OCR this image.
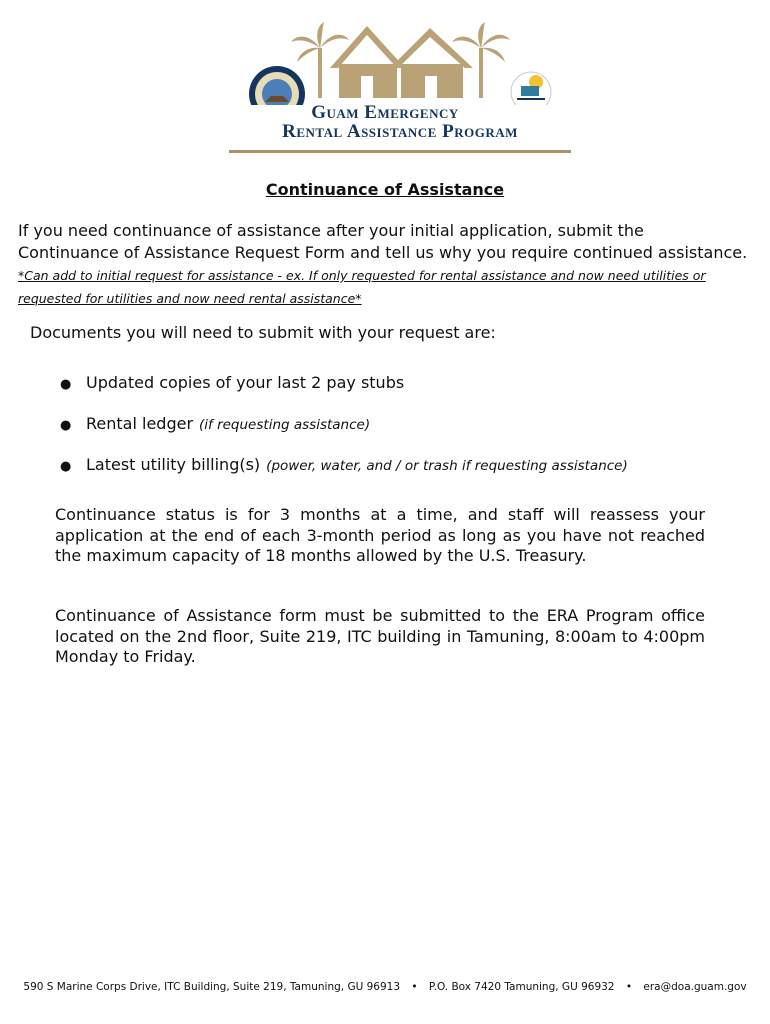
Guam Emergency
Rental Assistance Program
Continuance of Assistance
If you need continuance of assistance after your initial application, submit the Continuance of Assistance Request Form and tell us why you require continued assistance. *Can add to initial request for assistance - ex. If only requested for rental assistance and now need utilities or requested for utilities and now need rental assistance*
Documents you will need to submit with your request are:
● Updated copies of your last 2 pay stubs
● Rental ledger (if requesting assistance)
● Latest utility billing(s) (power, water, and / or trash if requesting assistance)
Continuance status is for 3 months at a time, and staff will reassess your application at the end of each 3-month period as long as you have not reached the maximum capacity of 18 months allowed by the U.S. Treasury.
Continuance of Assistance form must be submitted to the ERA Program office located on the 2nd floor, Suite 219, ITC building in Tamuning, 8:00am to 4:00pm Monday to Friday.
590 S Marine Corps Drive, ITC Building, Suite 219, Tamuning, GU 96913 • P.O. Box 7420 Tamuning, GU 96932 • era@doa.guam.gov
